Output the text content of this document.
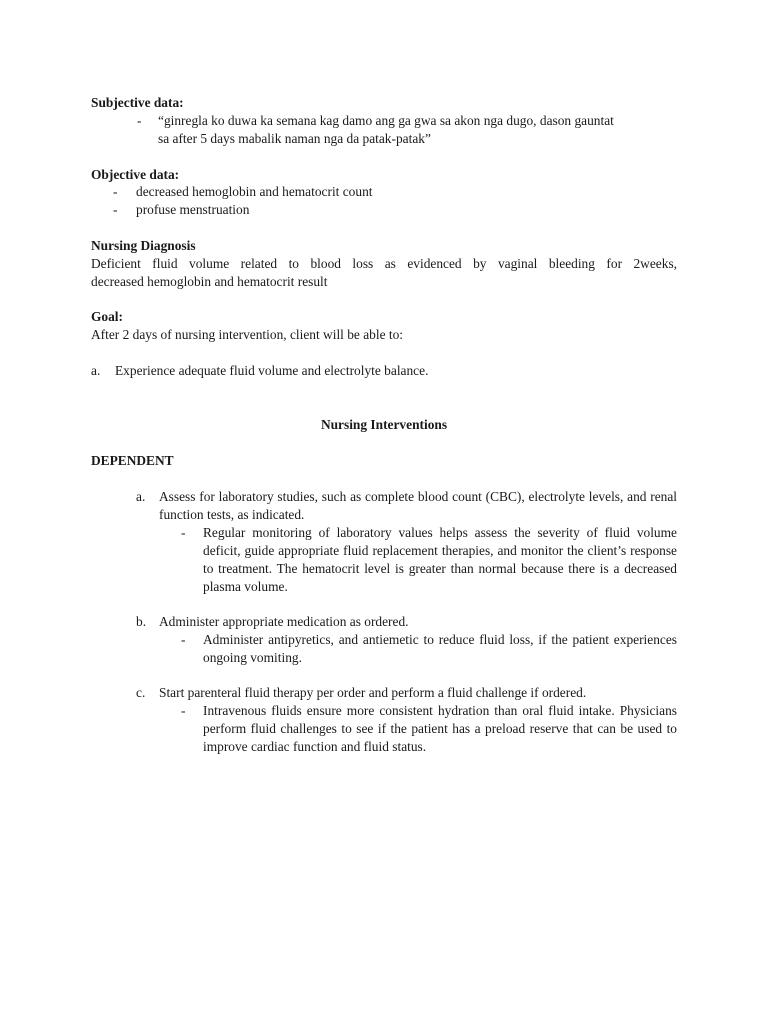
Subjective data:
- “ginregla ko duwa ka semana kag damo ang ga gwa sa akon nga dugo, dason gauntat
sa after 5 days mabalik naman nga da patak-patak”
Objective data:
- decreased hemoglobin and hematocrit count
- profuse menstruation
Nursing Diagnosis
Deficient fluid volume related to blood loss as evidenced by vaginal bleeding for 2weeks,
decreased hemoglobin and hematocrit result
Goal:
After 2 days of nursing intervention, client will be able to:
a. Experience adequate fluid volume and electrolyte balance.
Nursing Interventions
DEPENDENT
a. Assess for laboratory studies, such as complete blood count (CBC), electrolyte levels, and renal function tests, as indicated.
- Regular monitoring of laboratory values helps assess the severity of fluid volume deficit, guide appropriate fluid replacement therapies, and monitor the client’s response to treatment. The hematocrit level is greater than normal because there is a decreased plasma volume.
b. Administer appropriate medication as ordered.
- Administer antipyretics, and antiemetic to reduce fluid loss, if the patient experiences ongoing vomiting.
c. Start parenteral fluid therapy per order and perform a fluid challenge if ordered.
- Intravenous fluids ensure more consistent hydration than oral fluid intake. Physicians perform fluid challenges to see if the patient has a preload reserve that can be used to improve cardiac function and fluid status.
